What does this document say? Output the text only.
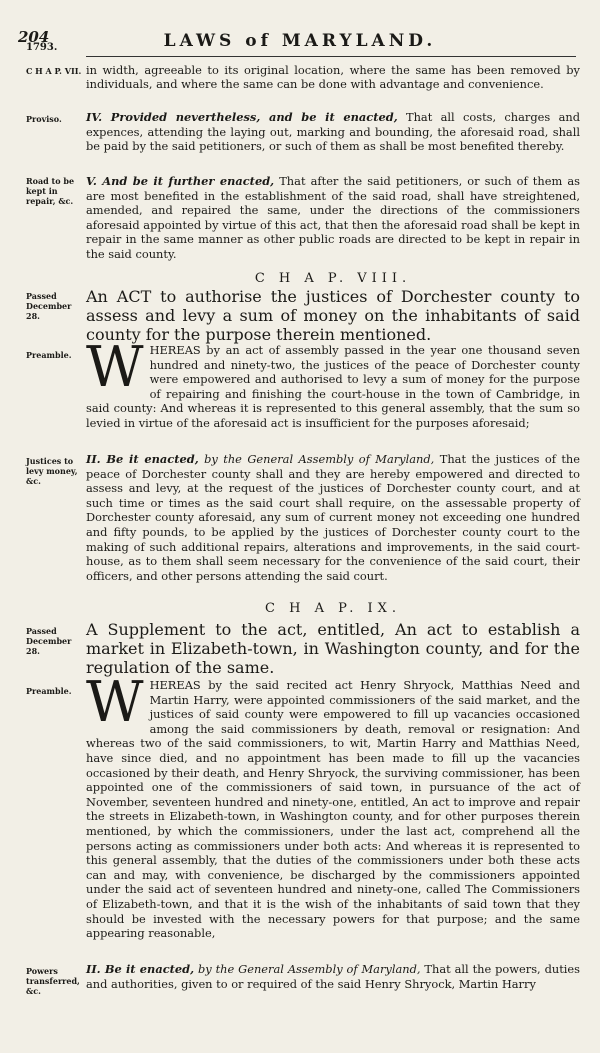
204
1793.	LAWS of MARYLAND.
C H A P. VII. in width, agreeable to its original location, where the same has been removed by individuals, and where the same can be done with advantage and convenience.
Proviso.	IV. Provided nevertheless, and be it enacted, That all costs, charges and expences, attending the laying out, marking and bounding, the aforesaid road, shall be paid by the said petitioners, or such of them as shall be most benefited thereby.
Road to be kept in repair, &c.
V. And be it further enacted, That after the said petitioners, or such of them as are most benefited in the establishment of the said road, shall have streightened, amended, and repaired the same, under the directions of the commissioners aforesaid appointed by virtue of this act, that then the aforesaid road shall be kept in repair in the same manner as other public roads are directed to be kept in repair in the said county.
C H A P. VIII.
Passed December 28.
An ACT to authorise the justices of Dorchester county to assess and levy a sum of money on the inhabitants of said county for the purpose therein mentioned.
Preamble. WHEREAS by an act of assembly passed in the year one thousand seven hundred and ninety-two, the justices of the peace of Dorchester county were empowered and authorised to levy a sum of money for the purpose of repairing and finishing the court-house in the town of Cambridge, in said county: And whereas it is represented to this general assembly, that the sum so levied in virtue of the aforesaid act is insufficient for the purposes aforesaid;
Justices to levy money, &c.
II. Be it enacted, by the General Assembly of Maryland, That the justices of the peace of Dorchester county shall and they are hereby empowered and directed to assess and levy, at the request of the justices of Dorchester county court, and at such time or times as the said court shall require, on the assessable property of Dorchester county aforesaid, any sum of current money not exceeding one hundred and fifty pounds, to be applied by the justices of Dorchester county court to the making of such additional repairs, alterations and improvements, in the said court-house, as to them shall seem necessary for the convenience of the said court, their officers, and other persons attending the said court.
C H A P. IX.
Passed December 28.
A Supplement to the act, entitled, An act to establish a market in Elizabeth-town, in Washington county, and for the regulation of the same.
Preamble. WHEREAS by the said recited act Henry Shryock, Matthias Need and Martin Harry, were appointed commissioners of the said market, and the justices of said county were empowered to fill up vacancies occasioned among the said commissioners by death, removal or resignation: And whereas two of the said commissioners, to wit, Martin Harry and Matthias Need, have since died, and no appointment has been made to fill up the vacancies occasioned by their death, and Henry Shryock, the surviving commissioner, has been appointed one of the commissioners of said town, in pursuance of the act of November, seventeen hundred and ninety-one, entitled, An act to improve and repair the streets in Elizabeth-town, in Washington county, and for other purposes therein mentioned, by which the commissioners, under the last act, comprehend all the persons acting as commissioners under both acts: And whereas it is represented to this general assembly, that the duties of the commissioners under both these acts can and may, with convenience, be discharged by the commissioners appointed under the said act of seventeen hundred and ninety-one, called The Commissioners of Elizabeth-town, and that it is the wish of the inhabitants of said town that they should be invested with the necessary powers for that purpose; and the same appearing reasonable,
Powers transferred, &c.
II. Be it enacted, by the General Assembly of Maryland, That all the powers, duties and authorities, given to or required of the said Henry Shryock, Martin Harry
